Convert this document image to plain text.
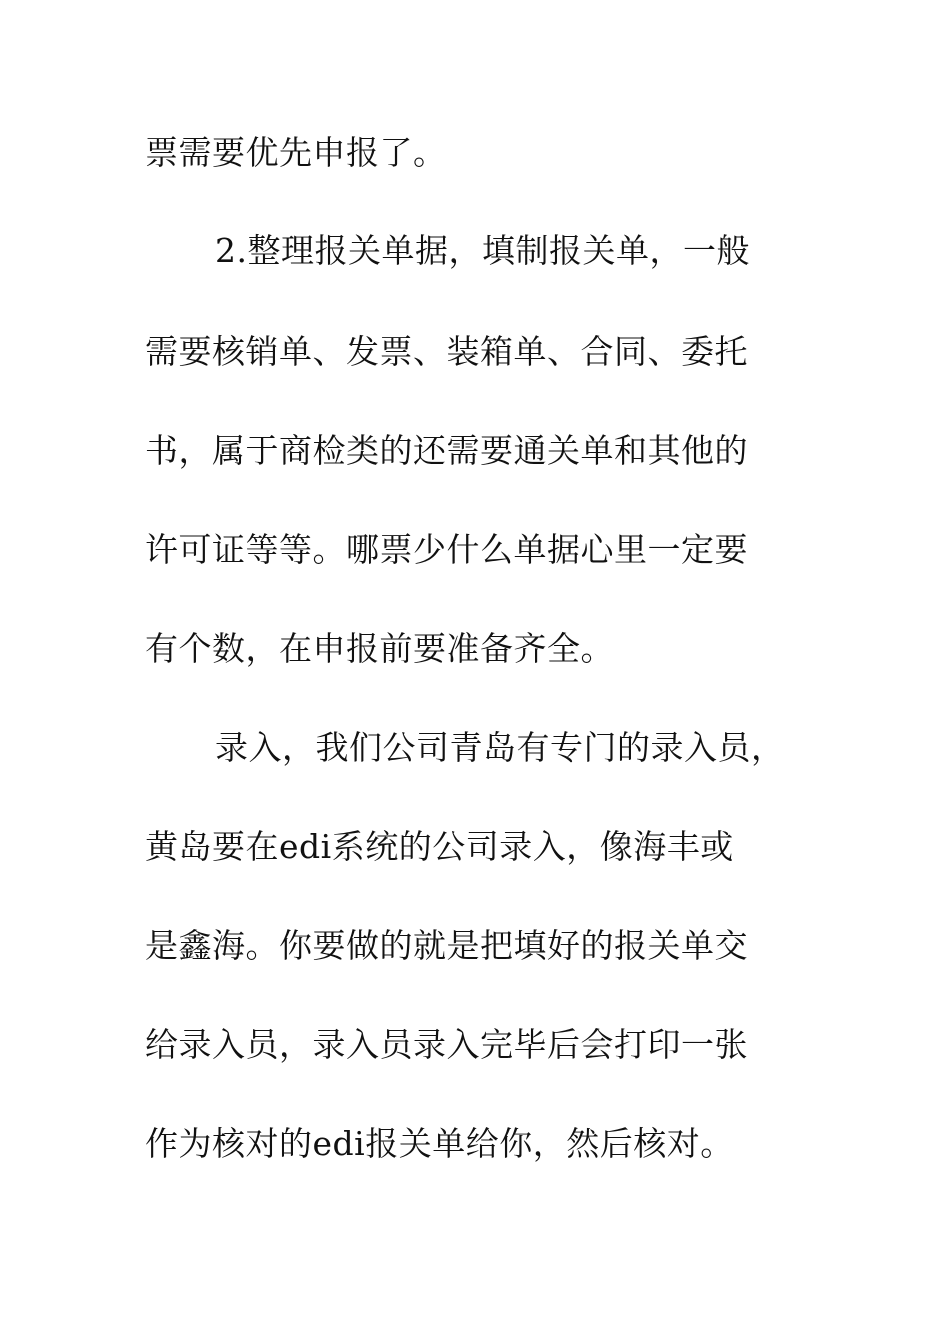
票需要优先申报了。
2.整理报关单据，填制报关单，一般
需要核销单、发票、装箱单、合同、委托
书，属于商检类的还需要通关单和其他的
许可证等等。哪票少什么单据心里一定要
有个数，在申报前要准备齐全。
录入，我们公司青岛有专门的录入员，
黄岛要在edi系统的公司录入，像海丰或
是鑫海。你要做的就是把填好的报关单交
给录入员，录入员录入完毕后会打印一张
作为核对的edi报关单给你，然后核对。
